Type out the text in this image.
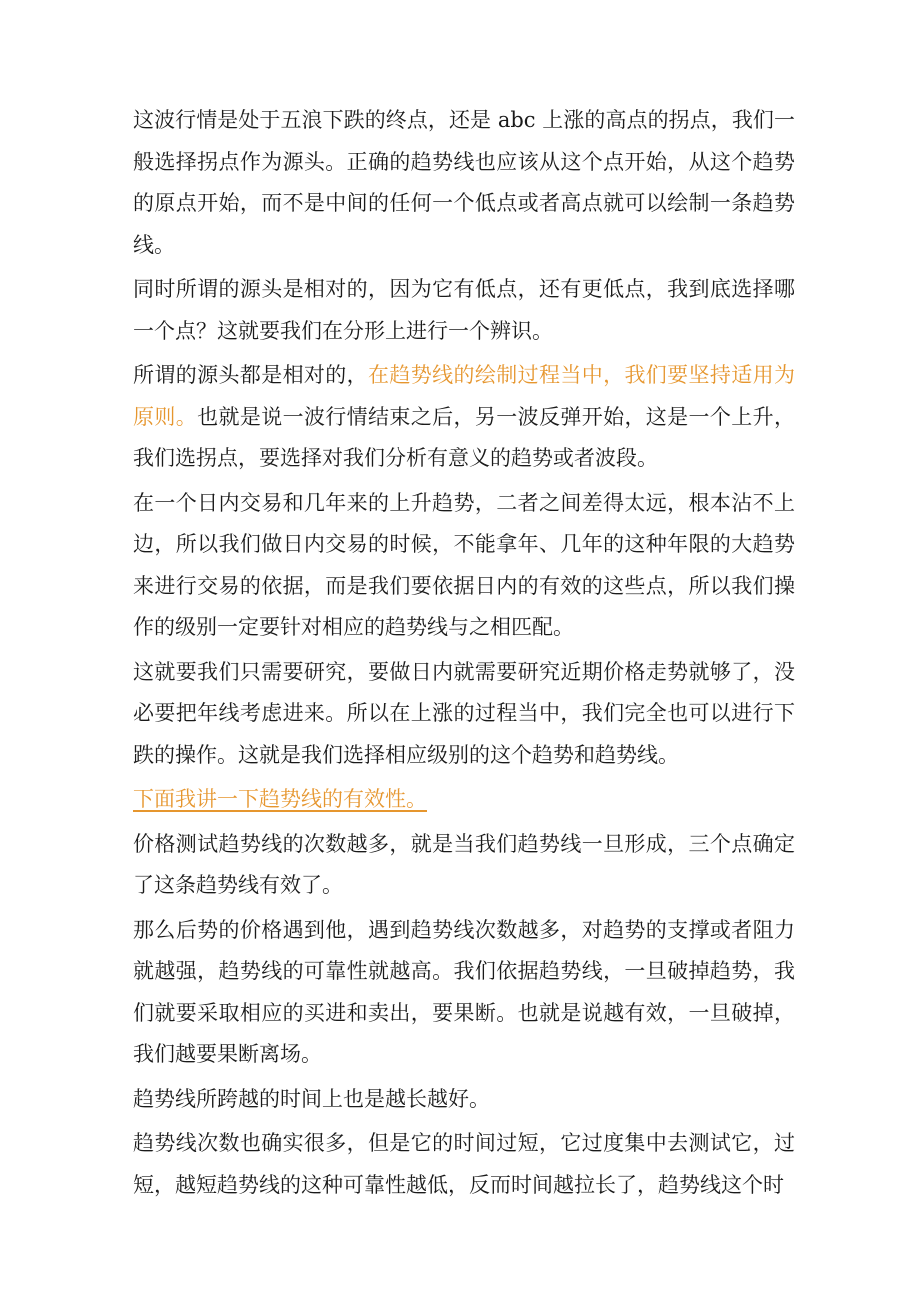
这波行情是处于五浪下跌的终点，还是 abc 上涨的高点的拐点，我们一般选择拐点作为源头。正确的趋势线也应该从这个点开始，从这个趋势的原点开始，而不是中间的任何一个低点或者高点就可以绘制一条趋势线。

同时所谓的源头是相对的，因为它有低点，还有更低点，我到底选择哪一个点？这就要我们在分形上进行一个辨识。

所谓的源头都是相对的，在趋势线的绘制过程当中，我们要坚持适用为原则。也就是说一波行情结束之后，另一波反弹开始，这是一个上升，我们选拐点，要选择对我们分析有意义的趋势或者波段。

在一个日内交易和几年来的上升趋势，二者之间差得太远，根本沾不上边，所以我们做日内交易的时候，不能拿年、几年的这种年限的大趋势来进行交易的依据，而是我们要依据日内的有效的这些点，所以我们操作的级别一定要针对相应的趋势线与之相匹配。

这就要我们只需要研究，要做日内就需要研究近期价格走势就够了，没必要把年线考虑进来。所以在上涨的过程当中，我们完全也可以进行下跌的操作。这就是我们选择相应级别的这个趋势和趋势线。

下面我讲一下趋势线的有效性。

价格测试趋势线的次数越多，就是当我们趋势线一旦形成，三个点确定了这条趋势线有效了。

那么后势的价格遇到他，遇到趋势线次数越多，对趋势的支撑或者阻力就越强，趋势线的可靠性就越高。我们依据趋势线，一旦破掉趋势，我们就要采取相应的买进和卖出，要果断。也就是说越有效，一旦破掉，我们越要果断离场。

趋势线所跨越的时间上也是越长越好。

趋势线次数也确实很多，但是它的时间过短，它过度集中去测试它，过短，越短趋势线的这种可靠性越低，反而时间越拉长了，趋势线这个时
